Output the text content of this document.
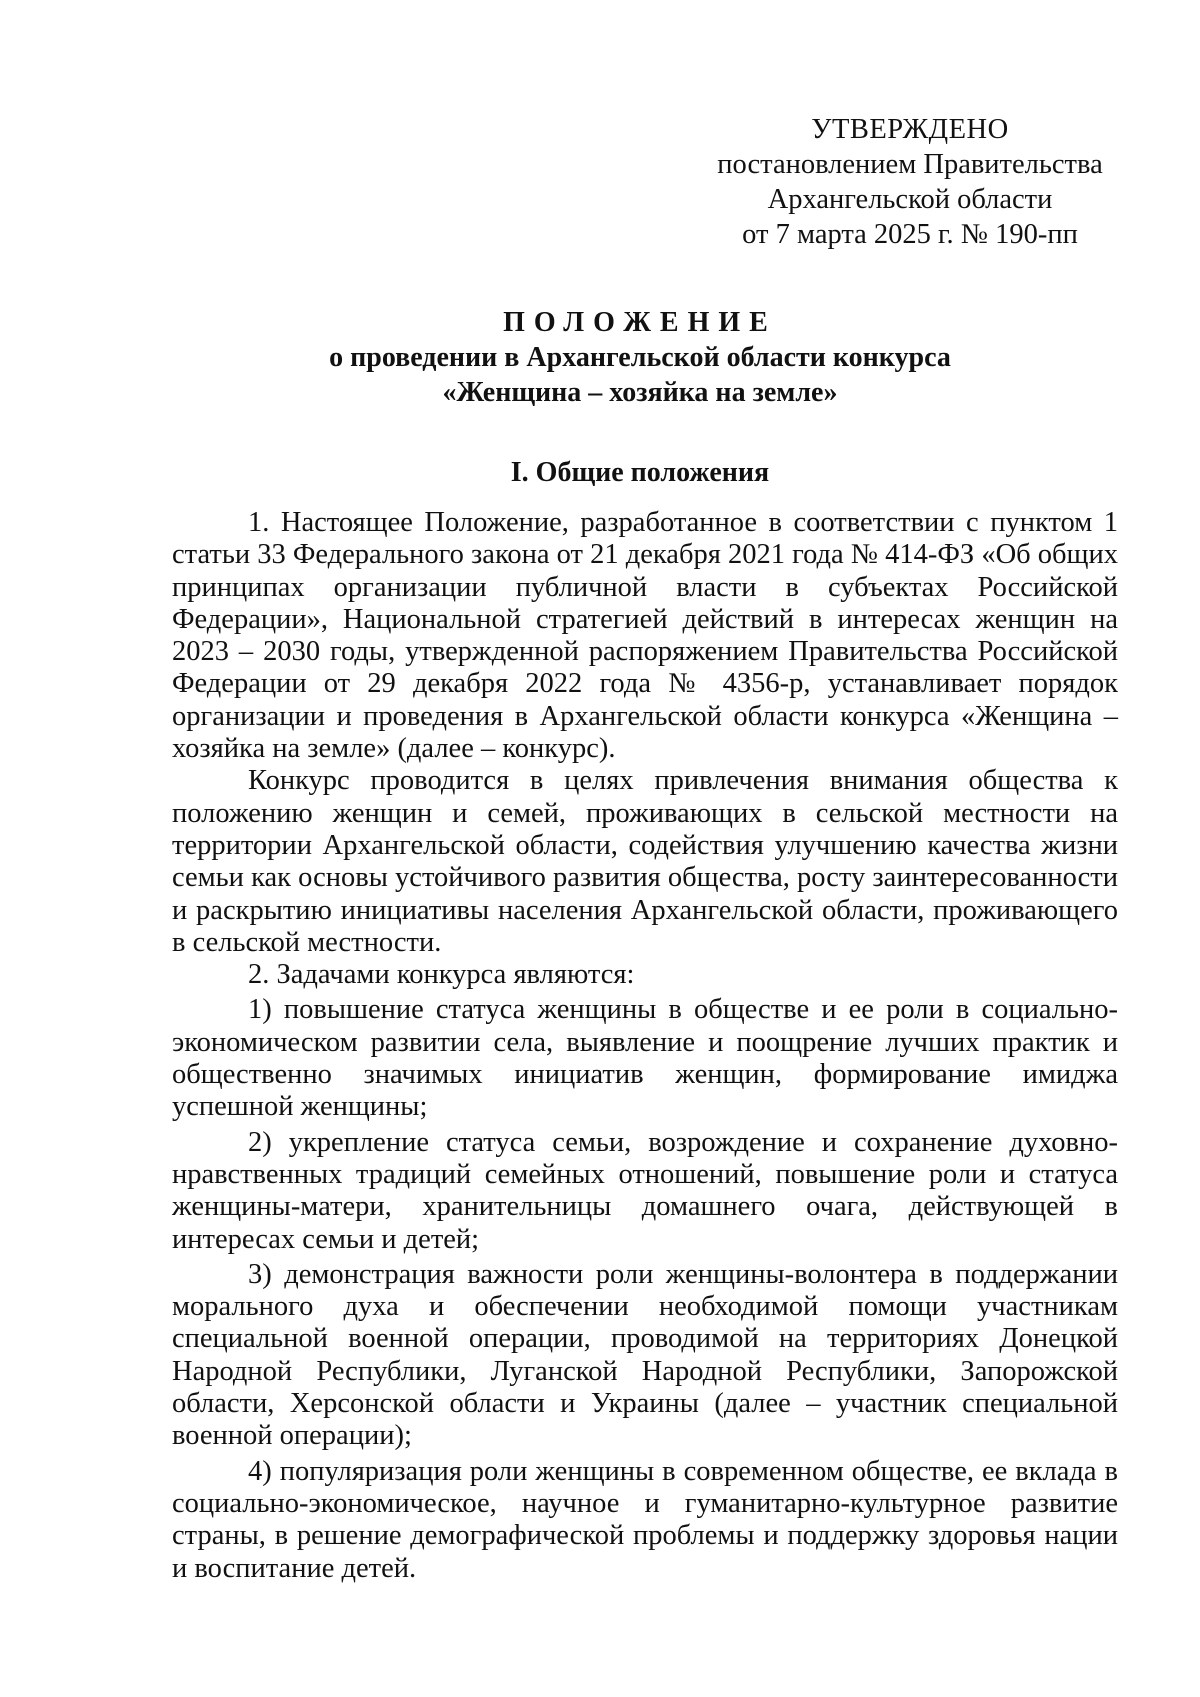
УТВЕРЖДЕНО
постановлением Правительства
Архангельской области
от 7 марта 2025 г. № 190-пп
ПОЛОЖЕНИЕ
о проведении в Архангельской области конкурса
«Женщина – хозяйка на земле»
I. Общие положения

1. Настоящее Положение, разработанное в соответствии с пунктом 1 статьи 33 Федерального закона от 21 декабря 2021 года № 414-ФЗ «Об общих принципах организации публичной власти в субъектах Российской Федерации», Национальной стратегией действий в интересах женщин на 2023 – 2030 годы, утвержденной распоряжением Правительства Российской Федерации от 29 декабря 2022 года № 4356-р, устанавливает порядок организации и проведения в Архангельской области конкурса «Женщина – хозяйка на земле» (далее – конкурс).

Конкурс проводится в целях привлечения внимания общества к положению женщин и семей, проживающих в сельской местности на территории Архангельской области, содействия улучшению качества жизни семьи как основы устойчивого развития общества, росту заинтересованности и раскрытию инициативы населения Архангельской области, проживающего в сельской местности.

2. Задачами конкурса являются:

1) повышение статуса женщины в обществе и ее роли в социально-экономическом развитии села, выявление и поощрение лучших практик и общественно значимых инициатив женщин, формирование имиджа успешной женщины;

2) укрепление статуса семьи, возрождение и сохранение духовно-нравственных традиций семейных отношений, повышение роли и статуса женщины-матери, хранительницы домашнего очага, действующей в интересах семьи и детей;

3) демонстрация важности роли женщины-волонтера в поддержании морального духа и обеспечении необходимой помощи участникам специальной военной операции, проводимой на территориях Донецкой Народной Республики, Луганской Народной Республики, Запорожской области, Херсонской области и Украины (далее – участник специальной военной операции);

4) популяризация роли женщины в современном обществе, ее вклада в социально-экономическое, научное и гуманитарно-культурное развитие страны, в решение демографической проблемы и поддержку здоровья нации и воспитание детей.
